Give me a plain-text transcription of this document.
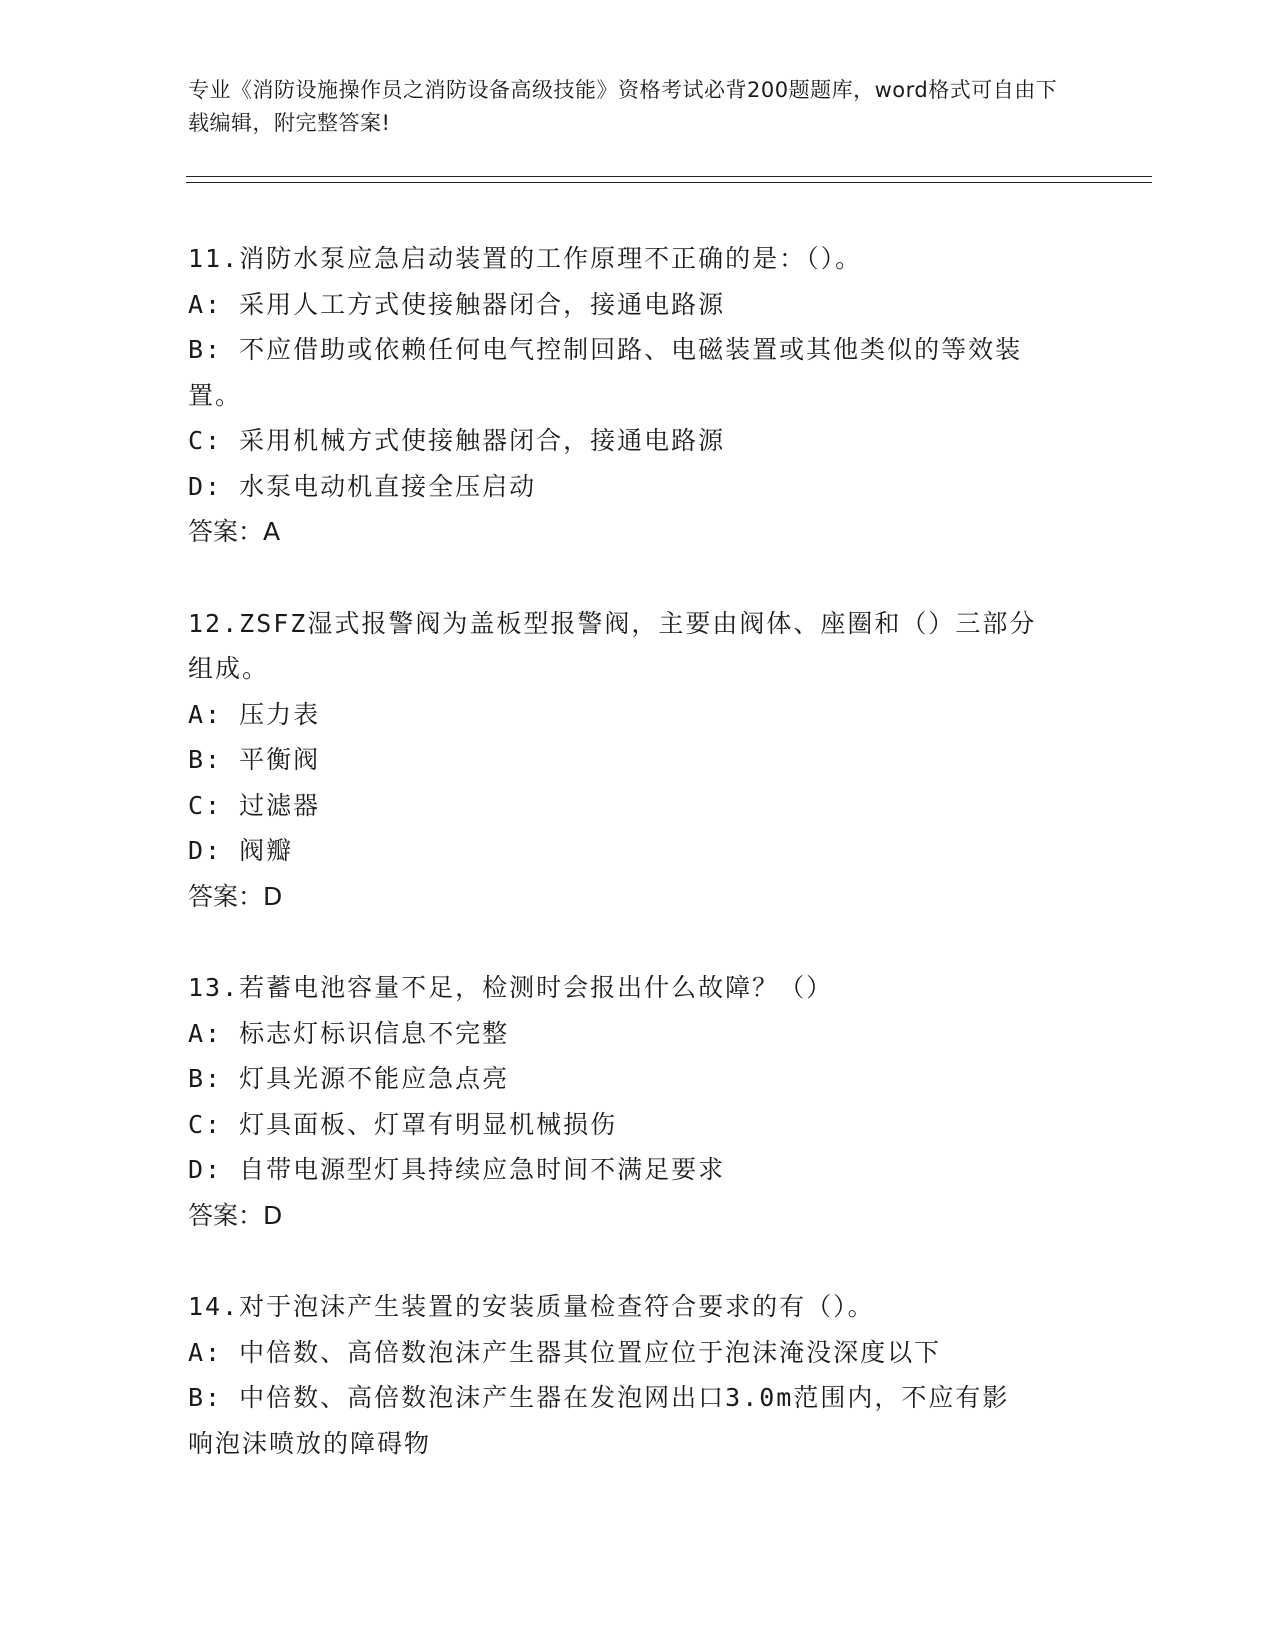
专业《消防设施操作员之消防设备高级技能》资格考试必背200题题库，word格式可自由下载编辑，附完整答案!
11.消防水泵应急启动装置的工作原理不正确的是：（）。
A: 采用人工方式使接触器闭合，接通电路源
B: 不应借助或依赖任何电气控制回路、电磁装置或其他类似的等效装
置。
C: 采用机械方式使接触器闭合，接通电路源
D: 水泵电动机直接全压启动
答案：A
12.ZSFZ湿式报警阀为盖板型报警阀，主要由阀体、座圈和（）三部分
组成。
A: 压力表
B: 平衡阀
C: 过滤器
D: 阀瓣
答案：D
13.若蓄电池容量不足，检测时会报出什么故障？（）
A: 标志灯标识信息不完整
B: 灯具光源不能应急点亮
C: 灯具面板、灯罩有明显机械损伤
D: 自带电源型灯具持续应急时间不满足要求
答案：D
14.对于泡沫产生装置的安装质量检查符合要求的有（）。
A: 中倍数、高倍数泡沫产生器其位置应位于泡沫淹没深度以下
B: 中倍数、高倍数泡沫产生器在发泡网出口3.0m范围内，不应有影
响泡沫喷放的障碍物
